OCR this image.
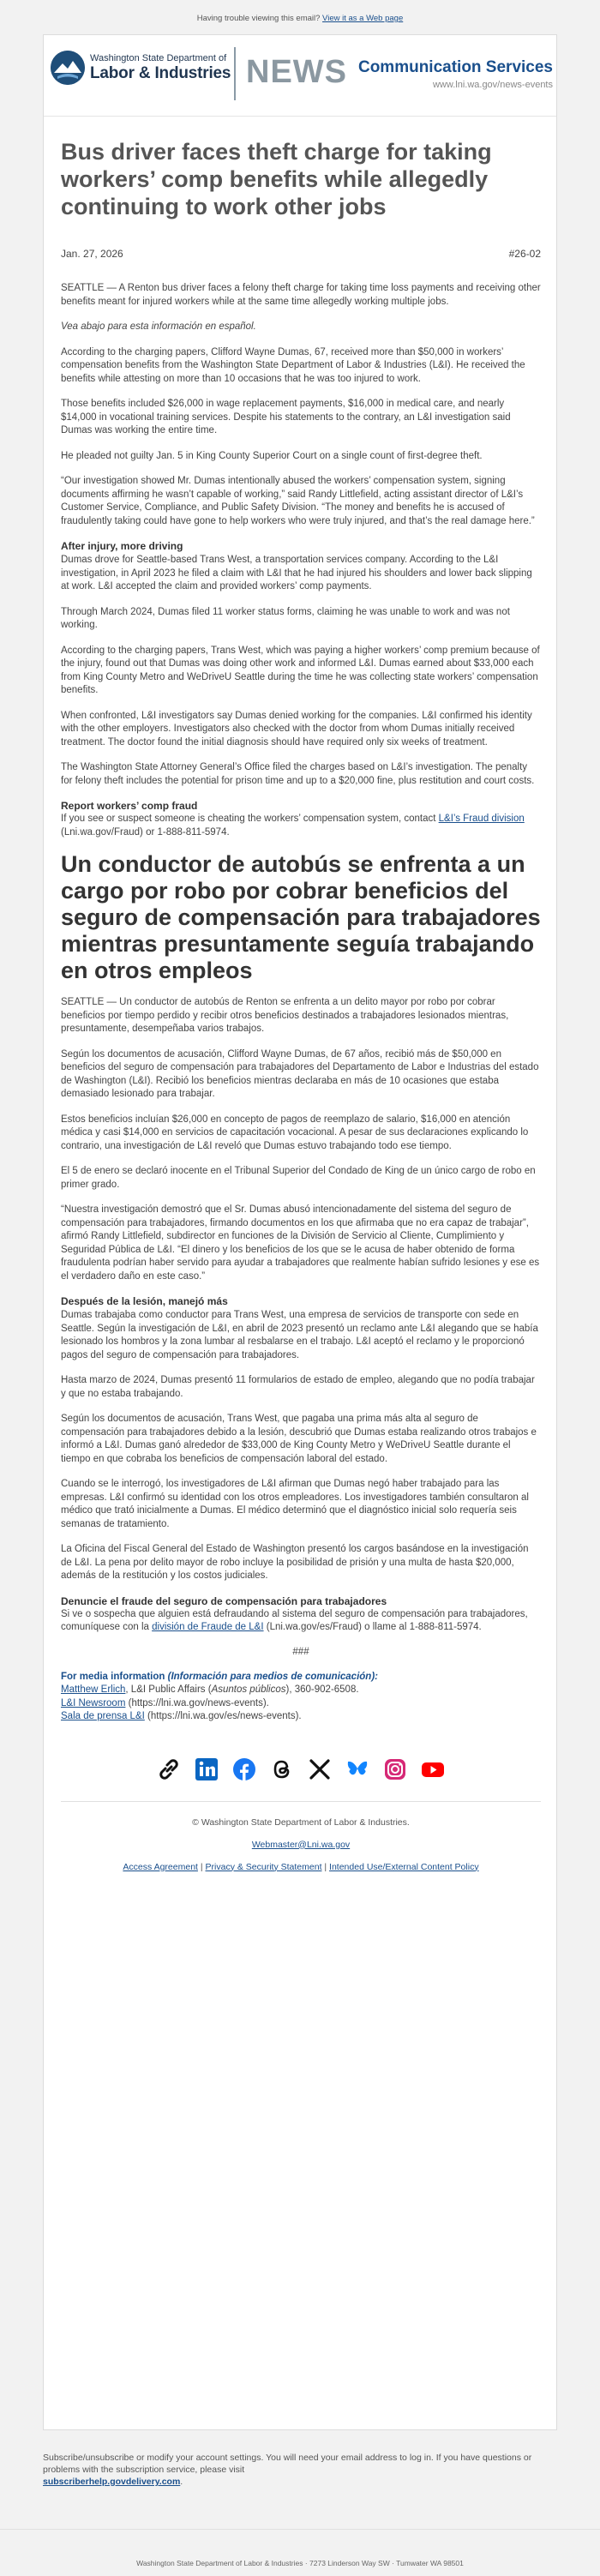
Having trouble viewing this email? View it as a Web page
Washington State Department of
Labor & Industries NEWS Communication Services
www.lni.wa.gov/news-events
Bus driver faces theft charge for taking workers’ comp benefits while allegedly continuing to work other jobs
Jan. 27, 2026	#26-02

SEATTLE — A Renton bus driver faces a felony theft charge for taking time loss payments and receiving other benefits meant for injured workers while at the same time allegedly working multiple jobs.

Vea abajo para esta información en español.

According to the charging papers, Clifford Wayne Dumas, 67, received more than $50,000 in workers’ compensation benefits from the Washington State Department of Labor & Industries (L&I). He received the benefits while attesting on more than 10 occasions that he was too injured to work.

Those benefits included $26,000 in wage replacement payments, $16,000 in medical care, and nearly $14,000 in vocational training services. Despite his statements to the contrary, an L&I investigation said Dumas was working the entire time.

He pleaded not guilty Jan. 5 in King County Superior Court on a single count of first-degree theft.

“Our investigation showed Mr. Dumas intentionally abused the workers’ compensation system, signing documents affirming he wasn’t capable of working,” said Randy Littlefield, acting assistant director of L&I’s Customer Service, Compliance, and Public Safety Division. “The money and benefits he is accused of fraudulently taking could have gone to help workers who were truly injured, and that’s the real damage here.”

After injury, more driving

Dumas drove for Seattle-based Trans West, a transportation services company. According to the L&I investigation, in April 2023 he filed a claim with L&I that he had injured his shoulders and lower back slipping at work. L&I accepted the claim and provided workers’ comp payments.

Through March 2024, Dumas filed 11 worker status forms, claiming he was unable to work and was not working.

According to the charging papers, Trans West, which was paying a higher workers’ comp premium because of the injury, found out that Dumas was doing other work and informed L&I. Dumas earned about $33,000 each from King County Metro and WeDriveU Seattle during the time he was collecting state workers’ compensation benefits.

When confronted, L&I investigators say Dumas denied working for the companies. L&I confirmed his identity with the other employers. Investigators also checked with the doctor from whom Dumas initially received treatment. The doctor found the initial diagnosis should have required only six weeks of treatment.

The Washington State Attorney General’s Office filed the charges based on L&I’s investigation. The penalty for felony theft includes the potential for prison time and up to a $20,000 fine, plus restitution and court costs.

Report workers’ comp fraud

If you see or suspect someone is cheating the workers’ compensation system, contact L&I’s Fraud division (Lni.wa.gov/Fraud) or 1-888-811-5974.

Un conductor de autobús se enfrenta a un cargo por robo por cobrar beneficios del seguro de compensación para trabajadores mientras presuntamente seguía trabajando en otros empleos

SEATTLE — Un conductor de autobús de Renton se enfrenta a un delito mayor por robo por cobrar beneficios por tiempo perdido y recibir otros beneficios destinados a trabajadores lesionados mientras, presuntamente, desempeñaba varios trabajos.

Según los documentos de acusación, Clifford Wayne Dumas, de 67 años, recibió más de $50,000 en beneficios del seguro de compensación para trabajadores del Departamento de Labor e Industrias del estado de Washington (L&I). Recibió los beneficios mientras declaraba en más de 10 ocasiones que estaba demasiado lesionado para trabajar.

Estos beneficios incluían $26,000 en concepto de pagos de reemplazo de salario, $16,000 en atención médica y casi $14,000 en servicios de capacitación vocacional. A pesar de sus declaraciones explicando lo contrario, una investigación de L&I reveló que Dumas estuvo trabajando todo ese tiempo.

El 5 de enero se declaró inocente en el Tribunal Superior del Condado de King de un único cargo de robo en primer grado.

“Nuestra investigación demostró que el Sr. Dumas abusó intencionadamente del sistema del seguro de compensación para trabajadores, firmando documentos en los que afirmaba que no era capaz de trabajar”, afirmó Randy Littlefield, subdirector en funciones de la División de Servicio al Cliente, Cumplimiento y Seguridad Pública de L&I. “El dinero y los beneficios de los que se le acusa de haber obtenido de forma fraudulenta podrían haber servido para ayudar a trabajadores que realmente habían sufrido lesiones y ese es el verdadero daño en este caso.”

Después de la lesión, manejó más

Dumas trabajaba como conductor para Trans West, una empresa de servicios de transporte con sede en Seattle. Según la investigación de L&I, en abril de 2023 presentó un reclamo ante L&I alegando que se había lesionado los hombros y la zona lumbar al resbalarse en el trabajo. L&I aceptó el reclamo y le proporcionó pagos del seguro de compensación para trabajadores.

Hasta marzo de 2024, Dumas presentó 11 formularios de estado de empleo, alegando que no podía trabajar y que no estaba trabajando.

Según los documentos de acusación, Trans West, que pagaba una prima más alta al seguro de compensación para trabajadores debido a la lesión, descubrió que Dumas estaba realizando otros trabajos e informó a L&I. Dumas ganó alrededor de $33,000 de King County Metro y WeDriveU Seattle durante el tiempo en que cobraba los beneficios de compensación laboral del estado.

Cuando se le interrogó, los investigadores de L&I afirman que Dumas negó haber trabajado para las empresas. L&I confirmó su identidad con los otros empleadores. Los investigadores también consultaron al médico que trató inicialmente a Dumas. El médico determinó que el diagnóstico inicial solo requería seis semanas de tratamiento.

La Oficina del Fiscal General del Estado de Washington presentó los cargos basándose en la investigación de L&I. La pena por delito mayor de robo incluye la posibilidad de prisión y una multa de hasta $20,000, además de la restitución y los costos judiciales.

Denuncie el fraude del seguro de compensación para trabajadores

Si ve o sospecha que alguien está defraudando al sistema del seguro de compensación para trabajadores, comuníquese con la división de Fraude de L&I (Lni.wa.gov/es/Fraud) o llame al 1-888-811-5974.

###

For media information (Información para medios de comunicación):

Matthew Erlich, L&I Public Affairs (Asuntos públicos), 360-902-6508.

L&I Newsroom (https://lni.wa.gov/news-events).

Sala de prensa L&I (https://lni.wa.gov/es/news-events).

© Washington State Department of Labor & Industries.
Webmaster@Lni.wa.gov
Access Agreement | Privacy & Security Statement | Intended Use/External Content Policy
Subscribe/unsubscribe or modify your account settings. You will need your email address to log in. If you have questions or problems with the subscription service, please visit
subscriberhelp.govdelivery.com.
Washington State Department of Labor & Industries · 7273 Linderson Way SW · Tumwater WA 98501
